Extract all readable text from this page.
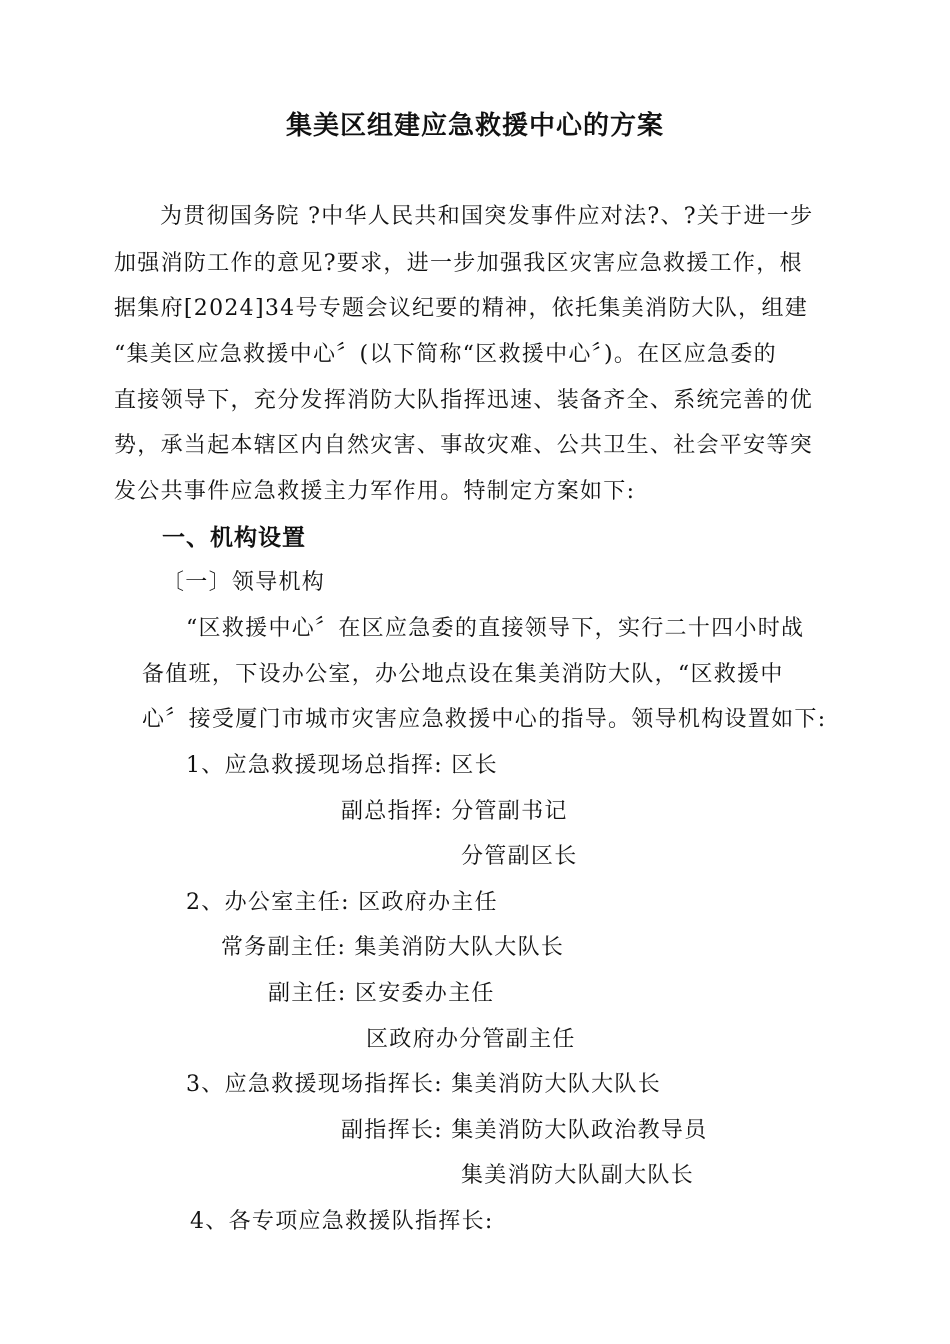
集美区组建应急救援中心的方案
为贯彻国务院 ?中华人民共和国突发事件应对法?、?关于进一步
加强消防工作的意见?要求，进一步加强我区灾害应急救援工作，根
据集府[2024]34号专题会议纪要的精神，依托集美消防大队，组建
“集美区应急救援中心〞(以下简称“区救援中心〞)。在区应急委的
直接领导下，充分发挥消防大队指挥迅速、装备齐全、系统完善的优
势，承当起本辖区内自然灾害、事故灾难、公共卫生、社会平安等突
发公共事件应急救援主力军作用。特制定方案如下:
一、机构设置
〔一〕领导机构
“区救援中心〞在区应急委的直接领导下，实行二十四小时战
备值班，下设办公室，办公地点设在集美消防大队，“区救援中
心〞接受厦门市城市灾害应急救援中心的指导。领导机构设置如下:
1、应急救援现场总指挥: 区长
副总指挥: 分管副书记
分管副区长
2、办公室主任: 区政府办主任
常务副主任: 集美消防大队大队长
副主任: 区安委办主任
区政府办分管副主任
3、应急救援现场指挥长: 集美消防大队大队长
副指挥长: 集美消防大队政治教导员
集美消防大队副大队长
4、各专项应急救援队指挥长:
